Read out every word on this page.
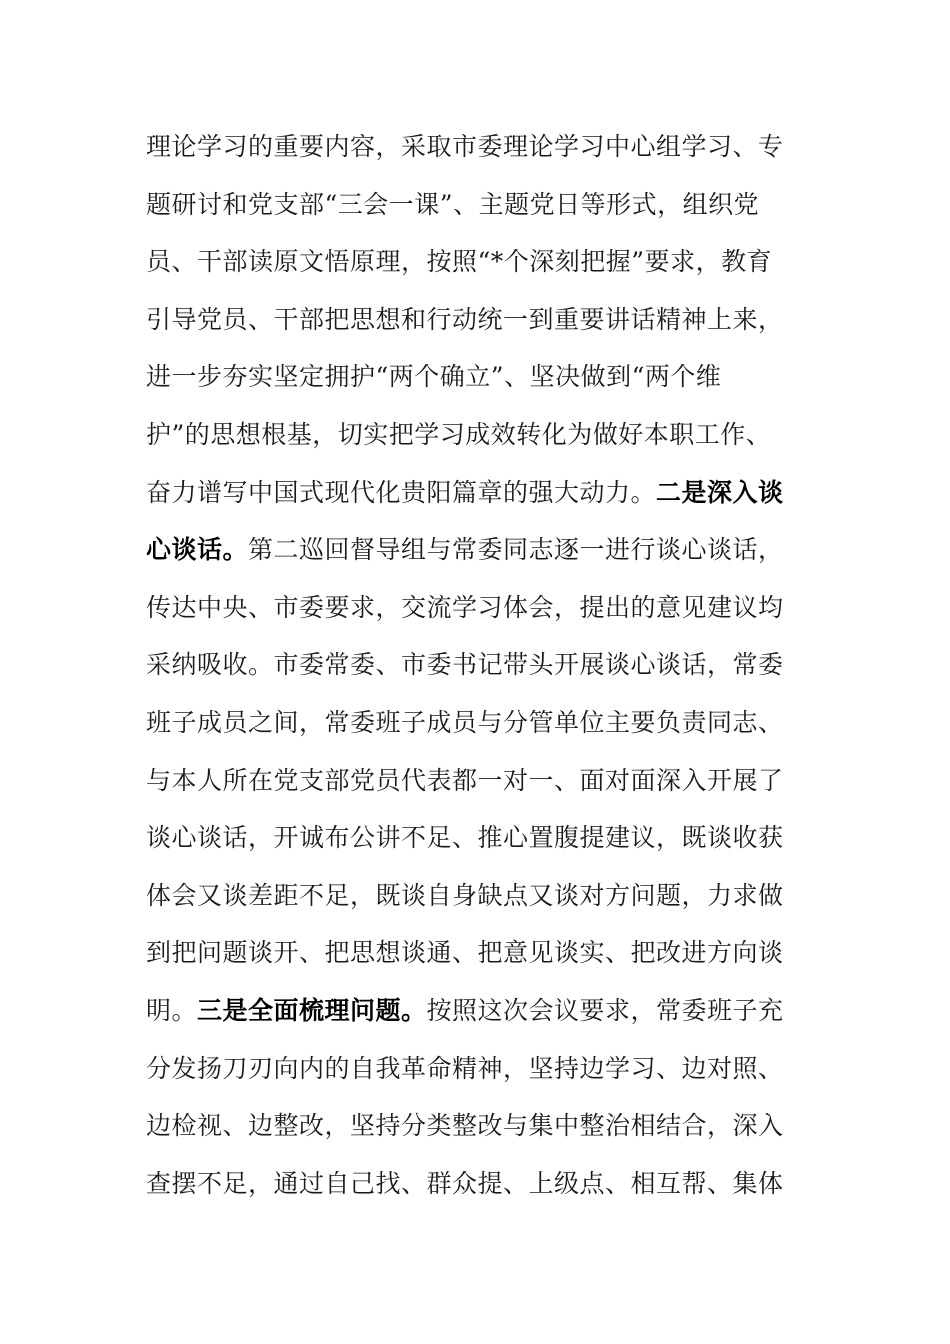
理论学习的重要内容，采取市委理论学习中心组学习、专
题研讨和党支部“三会一课”、主题党日等形式，组织党
员、干部读原文悟原理，按照“*个深刻把握”要求，教育
引导党员、干部把思想和行动统一到重要讲话精神上来，
进一步夯实坚定拥护“两个确立”、坚决做到“两个维
护”的思想根基，切实把学习成效转化为做好本职工作、
奋力谱写中国式现代化贵阳篇章的强大动力。二是深入谈
心谈话。第二巡回督导组与常委同志逐一进行谈心谈话，
传达中央、市委要求，交流学习体会，提出的意见建议均
采纳吸收。市委常委、市委书记带头开展谈心谈话，常委
班子成员之间，常委班子成员与分管单位主要负责同志、
与本人所在党支部党员代表都一对一、面对面深入开展了
谈心谈话，开诚布公讲不足、推心置腹提建议，既谈收获
体会又谈差距不足，既谈自身缺点又谈对方问题，力求做
到把问题谈开、把思想谈通、把意见谈实、把改进方向谈
明。三是全面梳理问题。按照这次会议要求，常委班子充
分发扬刀刃向内的自我革命精神，坚持边学习、边对照、
边检视、边整改，坚持分类整改与集中整治相结合，深入
查摆不足，通过自己找、群众提、上级点、相互帮、集体
